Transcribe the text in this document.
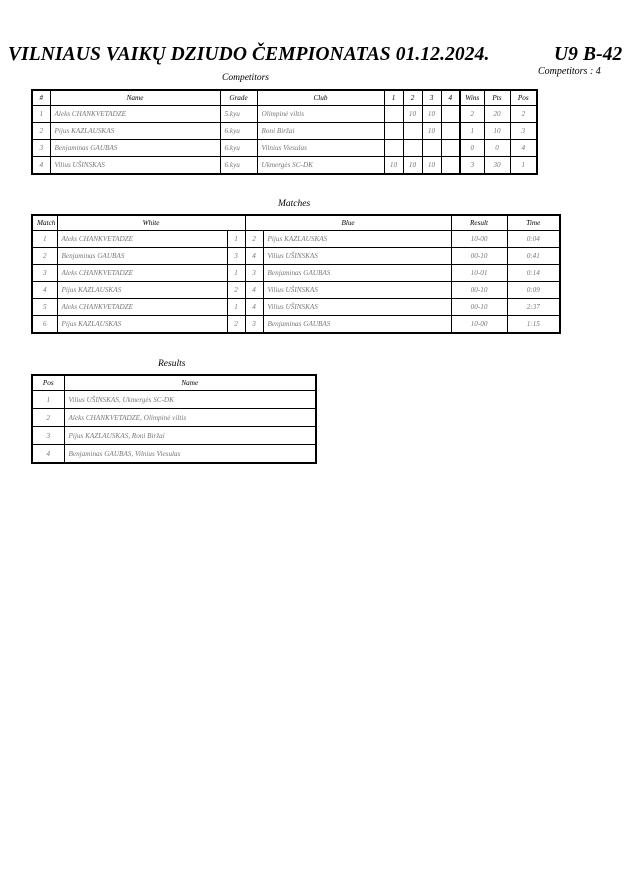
VILNIAUS VAIKŲ DZIUDO ČEMPIONATAS 01.12.2024.	U9 B-42
Competitors : 4
Competitors
#	Name	Grade	Club	1	2	3	4	Wins	Pts	Pos
1	Aleks CHANKVETADZE	5.kyu	Olimpinė viltis		10	10		2	20	2
2	Pijus KAZLAUSKAS	6.kyu	Roni Biržai			10		1	10	3
3	Benjaminas GAUBAS	6.kyu	Vilnius Viesulas					0	0	4
4	Vilius UŠINSKAS	6.kyu	Ukmergės SC-DK	10	10	10		3	30	1
Matches
Match	White		Blue		Result	Time
1	Aleks CHANKVETADZE	1	2	Pijus KAZLAUSKAS	10-00	0:04
2	Benjaminas GAUBAS	3	4	Vilius UŠINSKAS	00-10	0:41
3	Aleks CHANKVETADZE	1	3	Benjaminas GAUBAS	10-01	0:14
4	Pijus KAZLAUSKAS	2	4	Vilius UŠINSKAS	00-10	0:09
5	Aleks CHANKVETADZE	1	4	Vilius UŠINSKAS	00-10	2:37
6	Pijus KAZLAUSKAS	2	3	Benjaminas GAUBAS	10-00	1:15
Results
Pos	Name
1	Vilius UŠINSKAS, Ukmergės SC-DK
2	Aleks CHANKVETADZE, Olimpinė viltis
3	Pijus KAZLAUSKAS, Roni Biržai
4	Benjaminas GAUBAS, Vilnius Viesulas
